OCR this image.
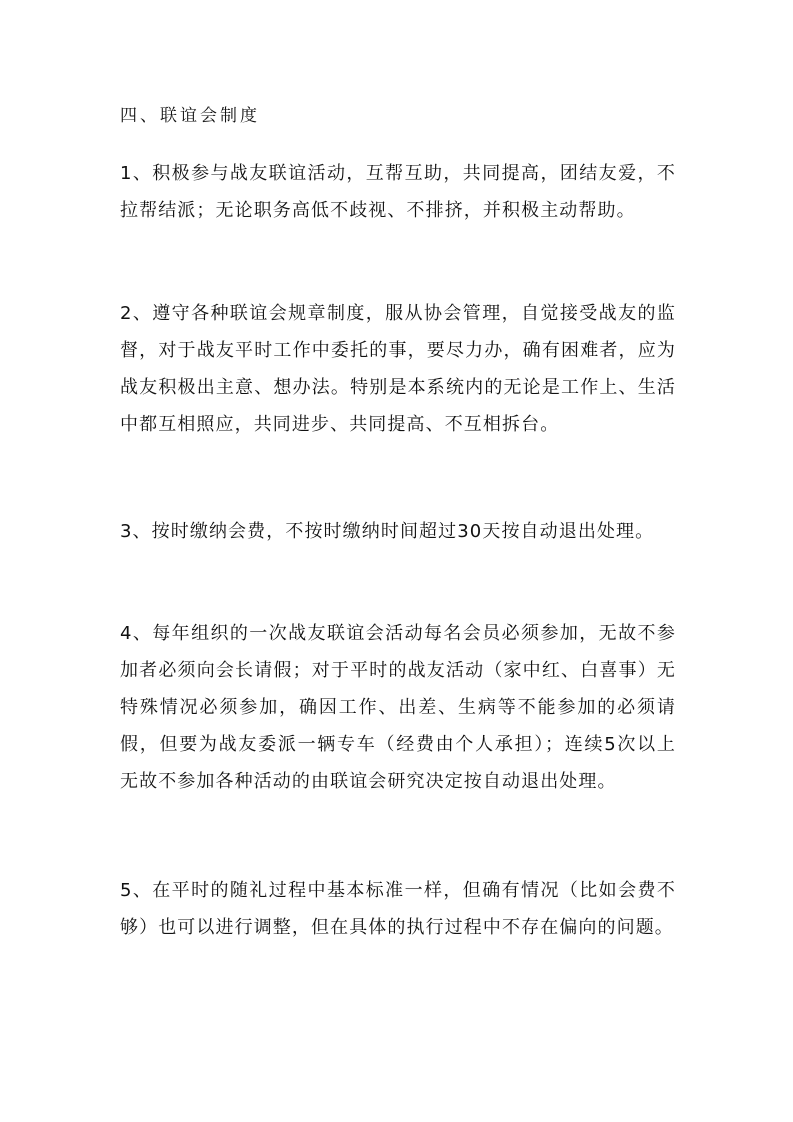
四、联谊会制度

1、积极参与战友联谊活动，互帮互助，共同提高，团结友爱，不拉帮结派；无论职务高低不歧视、不排挤，并积极主动帮助。

2、遵守各种联谊会规章制度，服从协会管理，自觉接受战友的监督，对于战友平时工作中委托的事，要尽力办，确有困难者，应为战友积极出主意、想办法。特别是本系统内的无论是工作上、生活中都互相照应，共同进步、共同提高、不互相拆台。

3、按时缴纳会费，不按时缴纳时间超过30天按自动退出处理。

4、每年组织的一次战友联谊会活动每名会员必须参加，无故不参加者必须向会长请假；对于平时的战友活动（家中红、白喜事）无特殊情况必须参加，确因工作、出差、生病等不能参加的必须请假，但要为战友委派一辆专车（经费由个人承担）；连续5次以上无故不参加各种活动的由联谊会研究决定按自动退出处理。

5、在平时的随礼过程中基本标准一样，但确有情况（比如会费不够）也可以进行调整，但在具体的执行过程中不存在偏向的问题。
